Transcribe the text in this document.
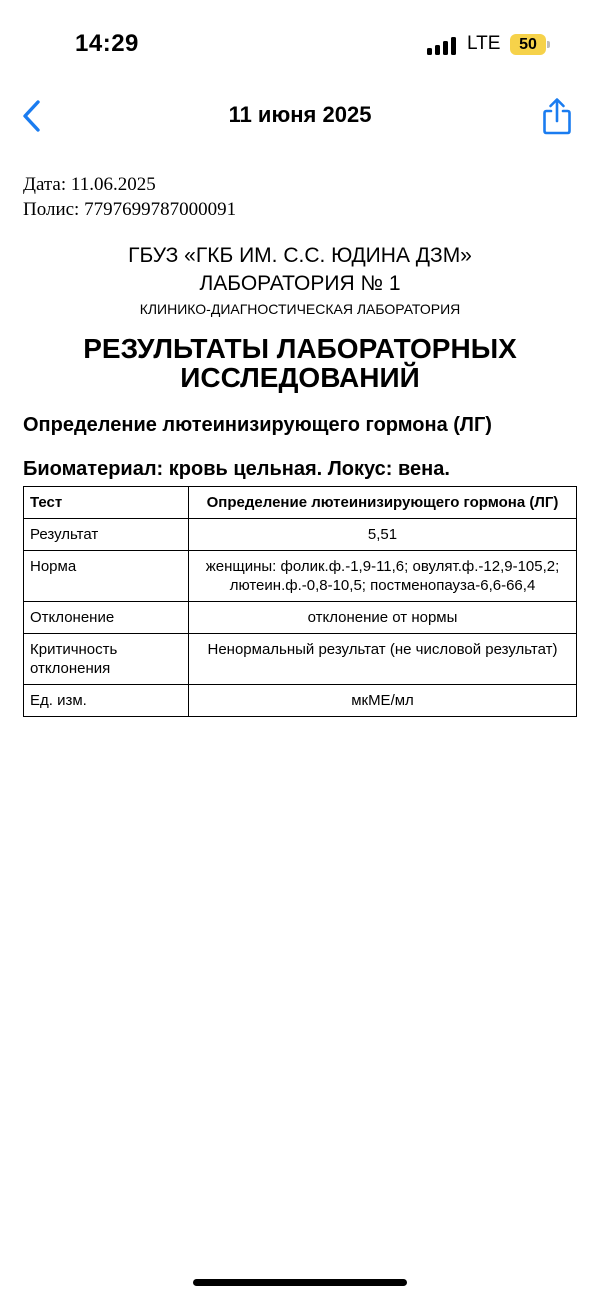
14:29	LTE	50
11 июня 2025
Дата: 11.06.2025
Полис: 7797699787000091
ГБУЗ «ГКБ ИМ. С.С. ЮДИНА ДЗМ»
ЛАБОРАТОРИЯ № 1
КЛИНИКО-ДИАГНОСТИЧЕСКАЯ ЛАБОРАТОРИЯ
РЕЗУЛЬТАТЫ ЛАБОРАТОРНЫХ ИССЛЕДОВАНИЙ
Определение лютеинизирующего гормона (ЛГ)
Биоматериал: кровь цельная. Локус: вена.
Тест	Определение лютеинизирующего гормона (ЛГ)
Результат	5,51
Норма	женщины: фолик.ф.-1,9-11,6; овулят.ф.-12,9-105,2; лютеин.ф.-0,8-10,5; постменопауза-6,6-66,4
Отклонение	отклонение от нормы
Критичность отклонения	Ненормальный результат (не числовой результат)
Ед. изм.	мкМЕ/мл
